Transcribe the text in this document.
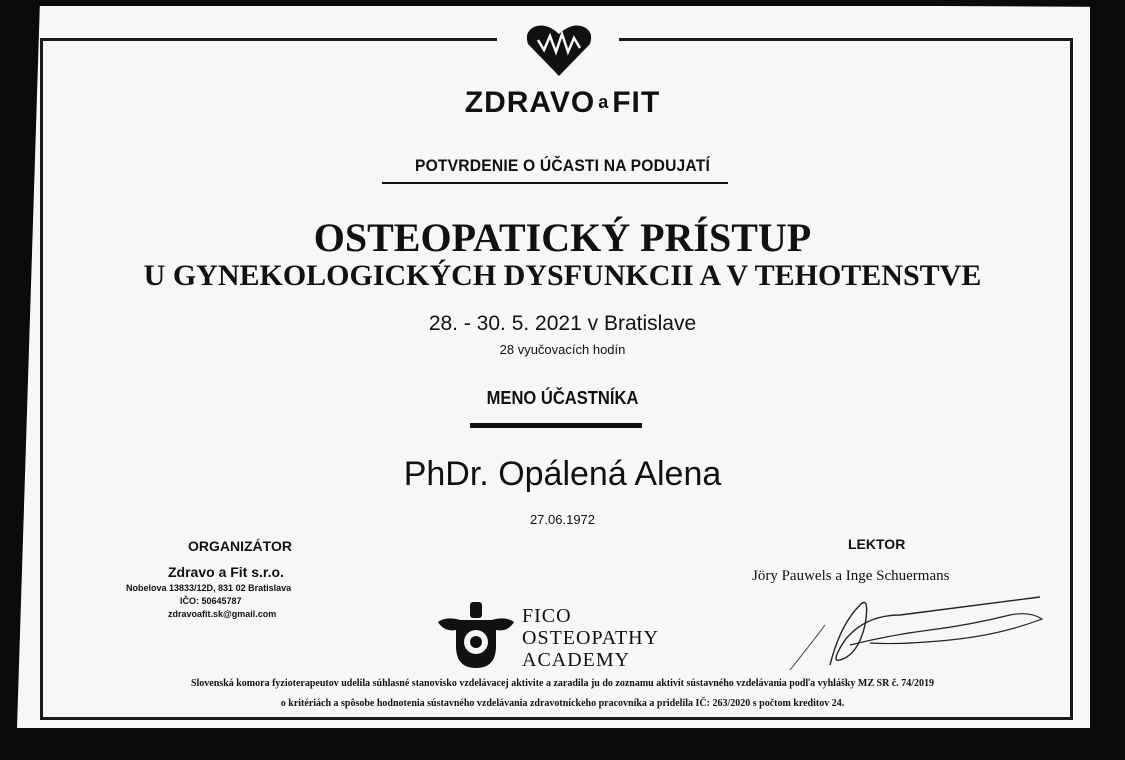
ZDRAVO a FIT
POTVRDENIE O ÚČASTI NA PODUJATÍ
OSTEOPATICKÝ PRÍSTUP
U GYNEKOLOGICKÝCH DYSFUNKCII A V TEHOTENSTVE
28. - 30. 5. 2021 v Bratislave
28 vyučovacích hodín
MENO ÚČASTNÍKA
PhDr. Opálená Alena
27.06.1972
ORGANIZÁTOR
Zdravo a Fit s.r.o.
Nobelova 13833/12D, 831 02 Bratislava
IČO: 50645787
zdravoafit.sk@gmail.com
LEKTOR
Jöry Pauwels a Inge Schuermans
FICO
OSTEOPATHY
ACADEMY
Slovenská komora fyzioterapeutov udelila súhlasné stanovisko vzdelávacej aktivite a zaradila ju do zoznamu aktivít sústavného vzdelávania podľa vyhlášky MZ SR č. 74/2019
o kritériách a spôsobe hodnotenia sústavného vzdelávania zdravotníckeho pracovníka a pridelila IČ: 263/2020 s počtom kreditov 24.
